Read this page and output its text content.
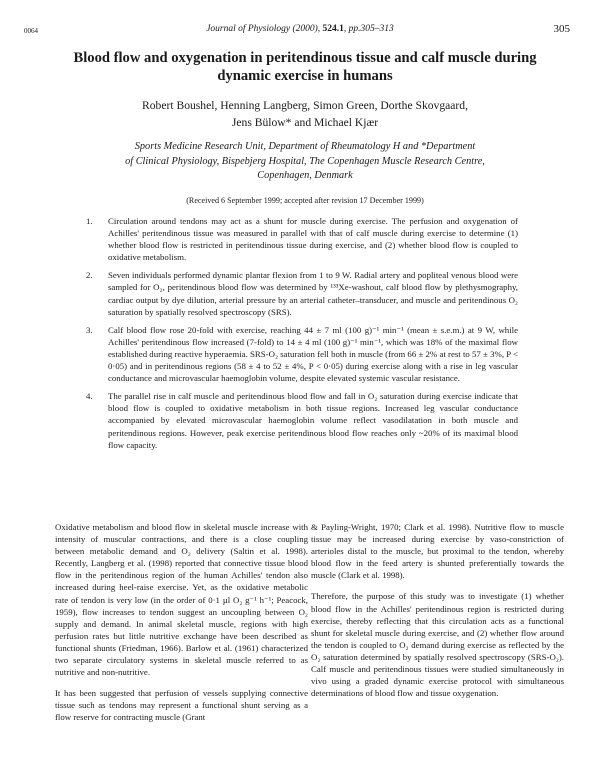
0064	Journal of Physiology (2000), 524.1, pp.305–313	305
Blood flow and oxygenation in peritendinous tissue and calf muscle during dynamic exercise in humans
Robert Boushel, Henning Langberg, Simon Green, Dorthe Skovgaard,
Jens Bülow* and Michael Kjær
Sports Medicine Research Unit, Department of Rheumatology H and *Department
of Clinical Physiology, Bispebjerg Hospital, The Copenhagen Muscle Research Centre,
Copenhagen, Denmark
(Received 6 September 1999; accepted after revision 17 December 1999)
1. Circulation around tendons may act as a shunt for muscle during exercise. The perfusion and oxygenation of Achilles' peritendinous tissue was measured in parallel with that of calf muscle during exercise to determine (1) whether blood flow is restricted in peritendinous tissue during exercise, and (2) whether blood flow is coupled to oxidative metabolism.
2. Seven individuals performed dynamic plantar flexion from 1 to 9 W. Radial artery and popliteal venous blood were sampled for O₂, peritendinous blood flow was determined by ¹³³Xe-washout, calf blood flow by plethysmography, cardiac output by dye dilution, arterial pressure by an arterial catheter–transducer, and muscle and peritendinous O₂ saturation by spatially resolved spectroscopy (SRS).
3. Calf blood flow rose 20-fold with exercise, reaching 44 ± 7 ml (100 g)⁻¹ min⁻¹ (mean ± s.e.m.) at 9 W, while Achilles' peritendinous flow increased (7-fold) to 14 ± 4 ml (100 g)⁻¹ min⁻¹, which was 18% of the maximal flow established during reactive hyperaemia. SRS-O₂ saturation fell both in muscle (from 66 ± 2% at rest to 57 ± 3%, P < 0·05) and in peritendinous regions (58 ± 4 to 52 ± 4%, P < 0·05) during exercise along with a rise in leg vascular conductance and microvascular haemoglobin volume, despite elevated systemic vascular resistance.
4. The parallel rise in calf muscle and peritendinous blood flow and fall in O₂ saturation during exercise indicate that blood flow is coupled to oxidative metabolism in both tissue regions. Increased leg vascular conductance accompanied by elevated microvascular haemoglobin volume reflect vasodilatation in both muscle and peritendinous regions. However, peak exercise peritendinous blood flow reaches only ~20% of its maximal blood flow capacity.

Oxidative metabolism and blood flow in skeletal muscle increase with intensity of muscular contractions, and there is a close coupling between metabolic demand and O₂ delivery (Saltin et al. 1998). Recently, Langberg et al. (1998) reported that connective tissue blood flow in the peritendinous region of the human Achilles' tendon also increased during heel-raise exercise. Yet, as the oxidative metabolic rate of tendon is very low (in the order of 0·1 µl O₂ g⁻¹ h⁻¹; Peacock, 1959), flow increases to tendon suggest an uncoupling between O₂ supply and demand. In animal skeletal muscle, regions with high perfusion rates but little nutritive exchange have been described as functional shunts (Friedman, 1966). Barlow et al. (1961) characterized two separate circulatory systems in skeletal muscle referred to as nutritive and non-nutritive.

It has been suggested that perfusion of vessels supplying connective tissue such as tendons may represent a functional shunt serving as a flow reserve for contracting muscle (Grant

& Payling-Wright, 1970; Clark et al. 1998). Nutritive flow to muscle tissue may be increased during exercise by vaso-constriction of arterioles distal to the muscle, but proximal to the tendon, whereby blood flow in the feed artery is shunted preferentially towards the muscle (Clark et al. 1998).

Therefore, the purpose of this study was to investigate (1) whether blood flow in the Achilles' peritendinous region is restricted during exercise, thereby reflecting that this circulation acts as a functional shunt for skeletal muscle during exercise, and (2) whether flow around the tendon is coupled to O₂ demand during exercise as reflected by the O₂ saturation determined by spatially resolved spectroscopy (SRS-O₂). Calf muscle and peritendinous tissues were studied simultaneously in vivo using a graded dynamic exercise protocol with simultaneous determinations of blood flow and tissue oxygenation.
